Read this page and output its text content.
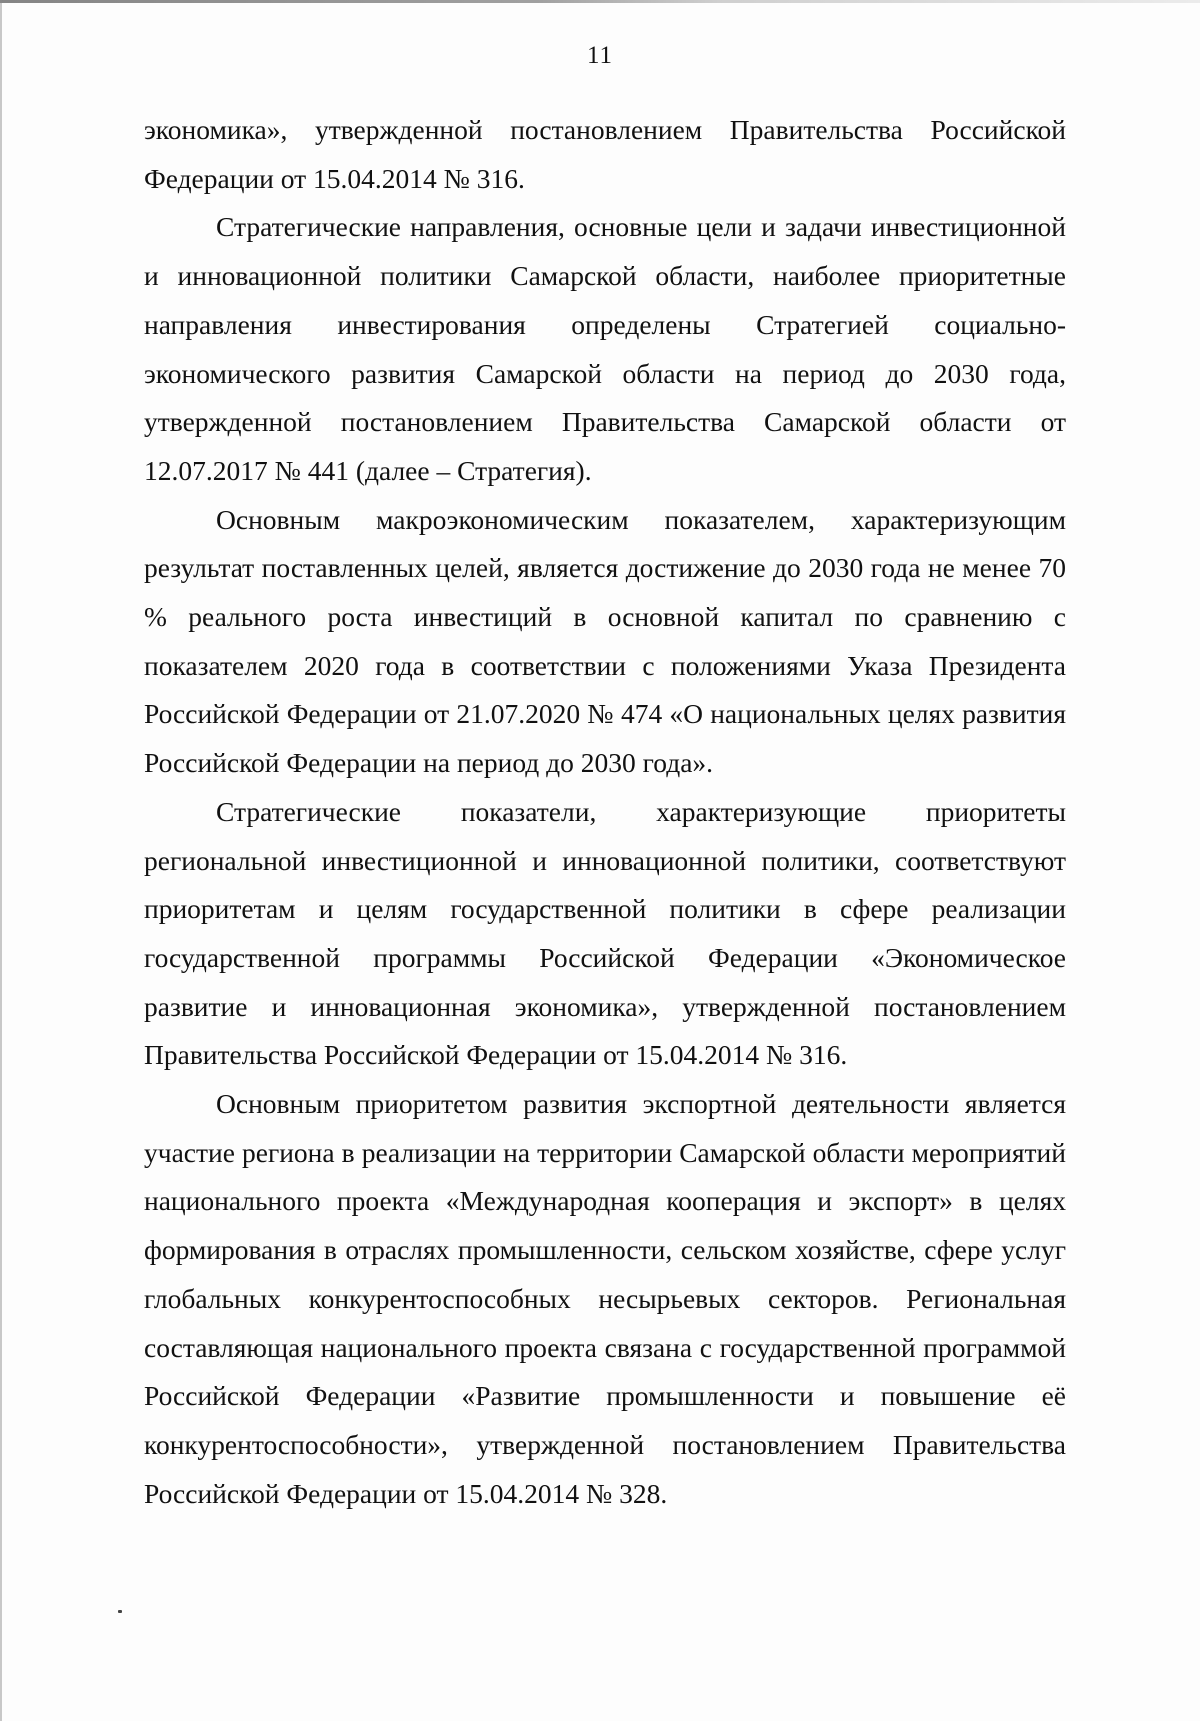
11

экономика», утвержденной постановлением Правительства Российской Федерации от 15.04.2014 № 316.

Стратегические направления, основные цели и задачи инвестиционной и инновационной политики Самарской области, наиболее приоритетные направления инвестирования определены Стратегией социально-экономического развития Самарской области на период до 2030 года, утвержденной постановлением Правительства Самарской области от 12.07.2017 № 441 (далее – Стратегия).

Основным макроэкономическим показателем, характеризующим результат поставленных целей, является достижение до 2030 года не менее 70 % реального роста инвестиций в основной капитал по сравнению с показателем 2020 года в соответствии с положениями Указа Президента Российской Федерации от 21.07.2020 № 474 «О национальных целях развития Российской Федерации на период до 2030 года».

Стратегические показатели, характеризующие приоритеты региональной инвестиционной и инновационной политики, соответствуют приоритетам и целям государственной политики в сфере реализации государственной программы Российской Федерации «Экономическое развитие и инновационная экономика», утвержденной постановлением Правительства Российской Федерации от 15.04.2014 № 316.

Основным приоритетом развития экспортной деятельности является участие региона в реализации на территории Самарской области мероприятий национального проекта «Международная кооперация и экспорт» в целях формирования в отраслях промышленности, сельском хозяйстве, сфере услуг глобальных конкурентоспособных несырьевых секторов. Региональная составляющая национального проекта связана с государственной программой Российской Федерации «Развитие промышленности и повышение её конкурентоспособности», утвержденной постановлением Правительства Российской Федерации от 15.04.2014 № 328.
